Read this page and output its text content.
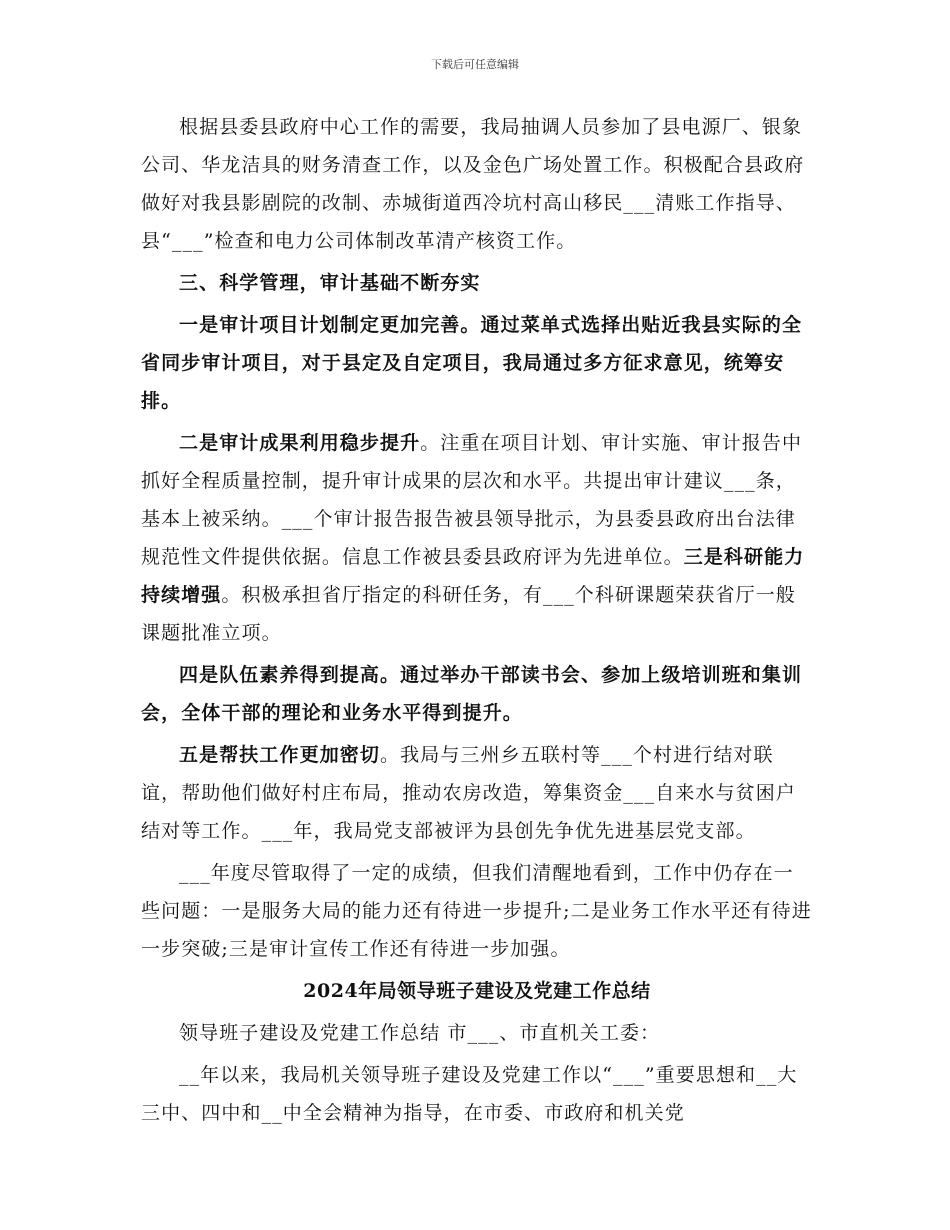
下载后可任意编辑

根据县委县政府中心工作的需要，我局抽调人员参加了县电源厂、银象公司、华龙洁具的财务清查工作，以及金色广场处置工作。积极配合县政府做好对我县影剧院的改制、赤城街道西冷坑村高山移民___清账工作指导、县“___”检查和电力公司体制改革清产核资工作。

三、科学管理，审计基础不断夯实

一是审计项目计划制定更加完善。通过菜单式选择出贴近我县实际的全省同步审计项目，对于县定及自定项目，我局通过多方征求意见，统筹安排。

二是审计成果利用稳步提升。注重在项目计划、审计实施、审计报告中抓好全程质量控制，提升审计成果的层次和水平。共提出审计建议___条，基本上被采纳。___个审计报告报告被县领导批示，为县委县政府出台法律规范性文件提供依据。信息工作被县委县政府评为先进单位。三是科研能力持续增强。积极承担省厅指定的科研任务，有___个科研课题荣获省厅一般课题批准立项。

四是队伍素养得到提高。通过举办干部读书会、参加上级培训班和集训会，全体干部的理论和业务水平得到提升。

五是帮扶工作更加密切。我局与三州乡五联村等___个村进行结对联谊，帮助他们做好村庄布局，推动农房改造，筹集资金___自来水与贫困户结对等工作。___年，我局党支部被评为县创先争优先进基层党支部。

___年度尽管取得了一定的成绩，但我们清醒地看到，工作中仍存在一些问题：一是服务大局的能力还有待进一步提升;二是业务工作水平还有待进一步突破;三是审计宣传工作还有待进一步加强。

2024年局领导班子建设及党建工作总结

领导班子建设及党建工作总结 市___、市直机关工委：

__年以来，我局机关领导班子建设及党建工作以“___”重要思想和__大三中、四中和__中全会精神为指导，在市委、市政府和机关党
